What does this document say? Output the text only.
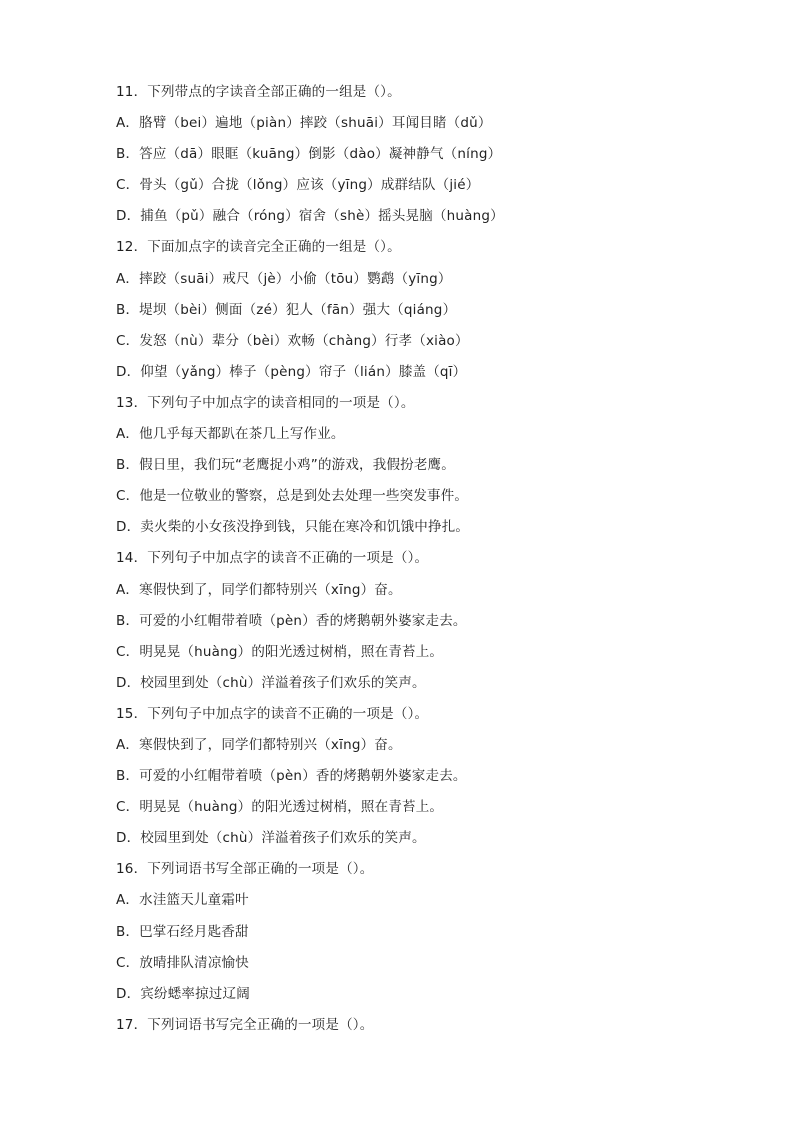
11．下列带点的字读音全部正确的一组是（）。
A．胳臂（bei）遍地（piàn）摔跤（shuāi）耳闻目睹（dǔ）
B．答应（dā）眼眶（kuāng）倒影（dào）凝神静气（níng）
C．骨头（gǔ）合拢（lǒng）应该（yīng）成群结队（jié）
D．捕鱼（pǔ）融合（róng）宿舍（shè）摇头晃脑（huàng）
12．下面加点字的读音完全正确的一组是（）。
A．摔跤（suāi）戒尺（jè）小偷（tōu）鹦鹉（yīng）
B．堤坝（bèi）侧面（zé）犯人（fān）强大（qiáng）
C．发怒（nù）辈分（bèi）欢畅（chàng）行孝（xiào）
D．仰望（yǎng）棒子（pèng）帘子（lián）膝盖（qī）
13．下列句子中加点字的读音相同的一项是（）。
A．他几乎每天都趴在茶几上写作业。
B．假日里，我们玩“老鹰捉小鸡”的游戏，我假扮老鹰。
C．他是一位敬业的警察，总是到处去处理一些突发事件。
D．卖火柴的小女孩没挣到钱，只能在寒冷和饥饿中挣扎。
14．下列句子中加点字的读音不正确的一项是（）。
A．寒假快到了，同学们都特别兴（xīng）奋。
B．可爱的小红帽带着喷（pèn）香的烤鹅朝外婆家走去。
C．明晃晃（huàng）的阳光透过树梢，照在青苔上。
D．校园里到处（chù）洋溢着孩子们欢乐的笑声。
15．下列句子中加点字的读音不正确的一项是（）。
A．寒假快到了，同学们都特别兴（xīng）奋。
B．可爱的小红帽带着喷（pèn）香的烤鹅朝外婆家走去。
C．明晃晃（huàng）的阳光透过树梢，照在青苔上。
D．校园里到处（chù）洋溢着孩子们欢乐的笑声。
16．下列词语书写全部正确的一项是（）。
A．水洼篮天儿童霜叶
B．巴掌石经月匙香甜
C．放晴排队清凉愉快
D．宾纷蟋率掠过辽阔
17．下列词语书写完全正确的一项是（）。
